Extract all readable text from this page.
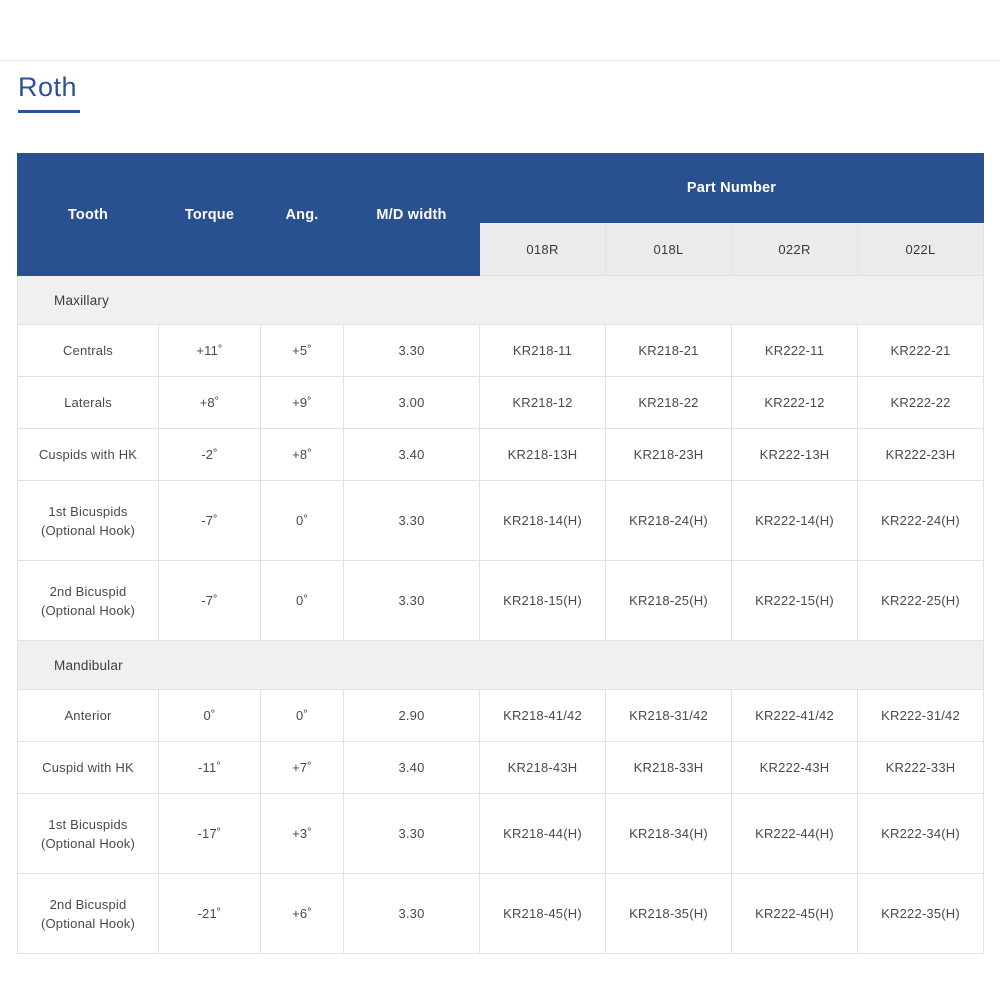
Roth
Tooth	Torque	Ang.	M/D width	Part Number			
				018R	018L	022R	022L
Maxillary							
Centrals	+11˚	+5˚	3.30	KR218-11	KR218-21	KR222-11	KR222-21
Laterals	+8˚	+9˚	3.00	KR218-12	KR218-22	KR222-12	KR222-22
Cuspids with HK	-2˚	+8˚	3.40	KR218-13H	KR218-23H	KR222-13H	KR222-23H

1st Bicuspids
(Optional Hook)	-7˚	0˚	3.30	KR218-14(H)	KR218-24(H)	KR222-14(H)	KR222-24(H)

2nd Bicuspid
(Optional Hook)	-7˚	0˚	3.30	KR218-15(H)	KR218-25(H)	KR222-15(H)	KR222-25(H)
Mandibular							
Anterior	0˚	0˚	2.90	KR218-41/42	KR218-31/42	KR222-41/42	KR222-31/42
Cuspid with HK	-11˚	+7˚	3.40	KR218-43H	KR218-33H	KR222-43H	KR222-33H

1st Bicuspids
(Optional Hook)	-17˚	+3˚	3.30	KR218-44(H)	KR218-34(H)	KR222-44(H)	KR222-34(H)

2nd Bicuspid
(Optional Hook)	-21˚	+6˚	3.30	KR218-45(H)	KR218-35(H)	KR222-45(H)	KR222-35(H)
